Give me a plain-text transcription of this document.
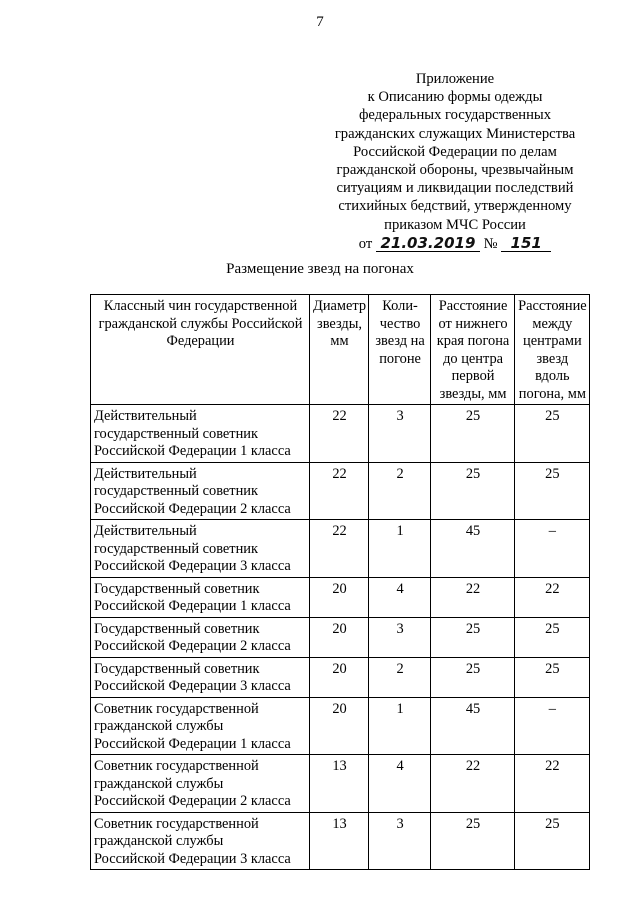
7
Приложение
к Описанию формы одежды
федеральных государственных
гражданских служащих Министерства
Российской Федерации по делам
гражданской обороны, чрезвычайным
ситуациям и ликвидации последствий
стихийных бедствий, утвержденному
приказом МЧС России
от 21.03.2019 № 151
Размещение звезд на погонах
Классный чин государственной гражданской службы Российской Федерации	Диаметр звезды, мм	Коли-чество звезд на погоне	Расстояние от нижнего края погона до центра первой звезды, мм	Расстояние между центрами звезд вдоль погона, мм

Действительный
государственный советник
Российской Федерации 1 класса	22	3	25	25

Действительный
государственный советник
Российской Федерации 2 класса	22	2	25	25

Действительный
государственный советник
Российской Федерации 3 класса	22	1	45	–

Государственный советник
Российской Федерации 1 класса	20	4	22	22

Государственный советник
Российской Федерации 2 класса	20	3	25	25

Государственный советник
Российской Федерации 3 класса	20	2	25	25

Советник государственной
гражданской службы
Российской Федерации 1 класса	20	1	45	–

Советник государственной
гражданской службы
Российской Федерации 2 класса	13	4	22	22

Советник государственной
гражданской службы
Российской Федерации 3 класса	13	3	25	25
